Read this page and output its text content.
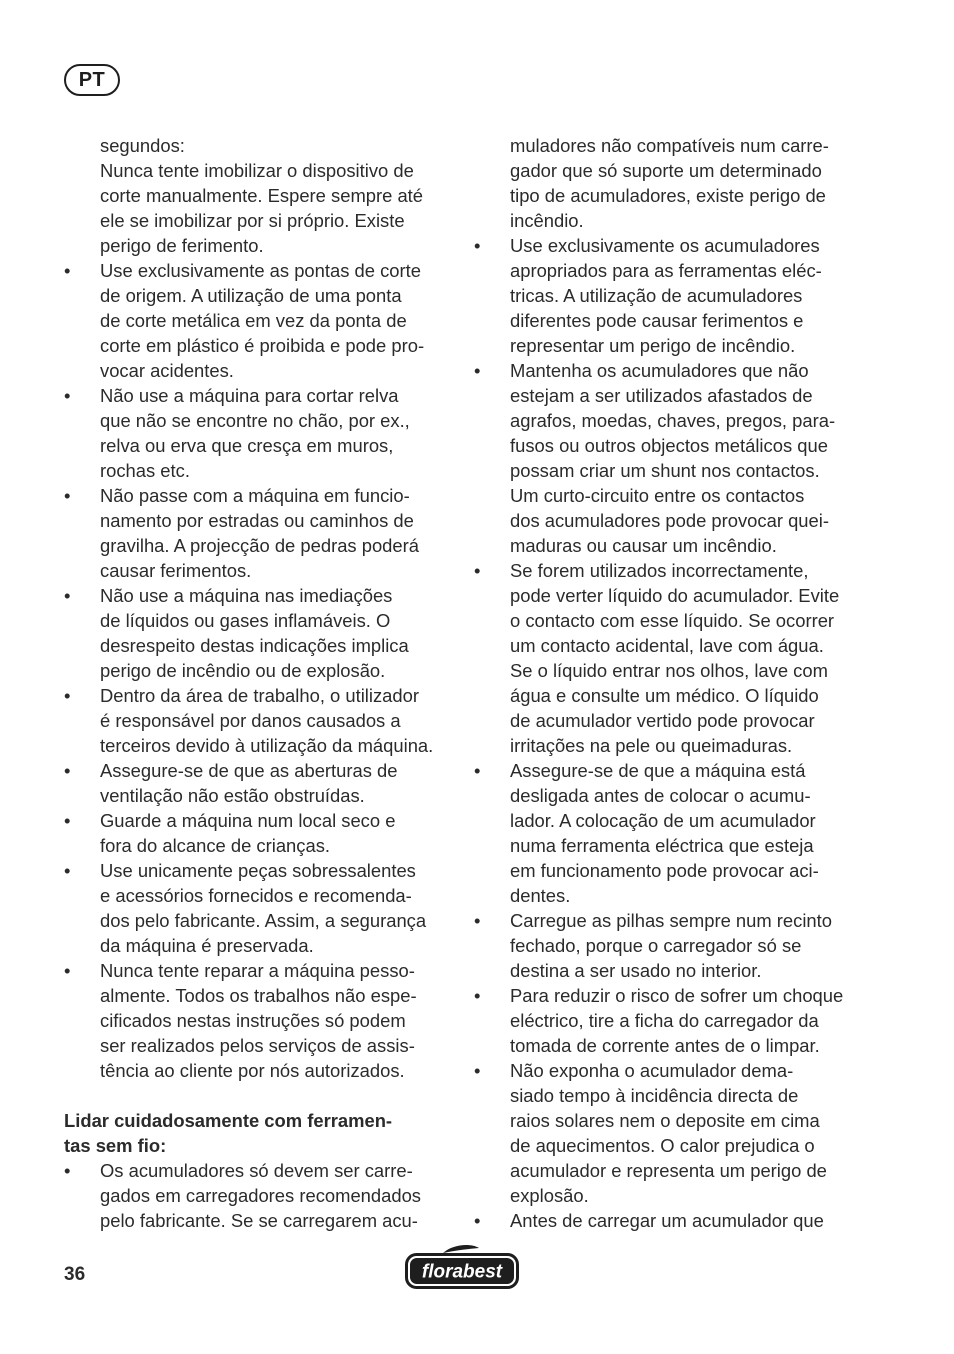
PT
segundos:
Nunca tente imobilizar o dispositivo de
corte manualmente. Espere sempre até
ele se imobilizar por si próprio. Existe
perigo de ferimento.
•	Use exclusivamente as pontas de corte
de origem. A utilização de uma ponta
de corte metálica em vez da ponta de
corte em plástico é proibida e pode pro-
vocar acidentes.
•	Não use a máquina para cortar relva
que não se encontre no chão, por ex.,
relva ou erva que cresça em muros,
rochas etc.
•	Não passe com a máquina em funcio-
namento por estradas ou caminhos de
gravilha. A projecção de pedras poderá
causar ferimentos.
•	Não use a máquina nas imediações
de líquidos ou gases inflamáveis. O
desrespeito destas indicações implica
perigo de incêndio ou de explosão.
•	Dentro da área de trabalho, o utilizador
é responsável por danos causados a
terceiros devido à utilização da máquina.
•	Assegure-se de que as aberturas de
ventilação não estão obstruídas.
•	Guarde a máquina num local seco e
fora do alcance de crianças.
•	Use unicamente peças sobressalentes
e acessórios fornecidos e recomenda-
dos pelo fabricante. Assim, a segurança
da máquina é preservada.
•	Nunca tente reparar a máquina pesso-
almente. Todos os trabalhos não espe-
cificados nestas instruções só podem
ser realizados pelos serviços de assis-
tência ao cliente por nós autorizados.
Lidar cuidadosamente com ferramen-
tas sem fio:
•	Os acumuladores só devem ser carre-
gados em carregadores recomendados
pelo fabricante. Se se carregarem acu-
muladores não compatíveis num carre-
gador que só suporte um determinado
tipo de acumuladores, existe perigo de
incêndio.
•	Use exclusivamente os acumuladores
apropriados para as ferramentas eléc-
tricas. A utilização de acumuladores
diferentes pode causar ferimentos e
representar um perigo de incêndio.
•	Mantenha os acumuladores que não
estejam a ser utilizados afastados de
agrafos, moedas, chaves, pregos, para-
fusos ou outros objectos metálicos que
possam criar um shunt nos contactos.
Um curto-circuito entre os contactos
dos acumuladores pode provocar quei-
maduras ou causar um incêndio.
•	Se forem utilizados incorrectamente,
pode verter líquido do acumulador. Evite
o contacto com esse líquido. Se ocorrer
um contacto acidental, lave com água.
Se o líquido entrar nos olhos, lave com
água e consulte um médico. O líquido
de acumulador vertido pode provocar
irritações na pele ou queimaduras.
•	Assegure-se de que a máquina está
desligada antes de colocar o acumu-
lador. A colocação de um acumulador
numa ferramenta eléctrica que esteja
em funcionamento pode provocar aci-
dentes.
•	Carregue as pilhas sempre num recinto
fechado, porque o carregador só se
destina a ser usado no interior.
•	Para reduzir o risco de sofrer um choque
eléctrico, tire a ficha do carregador da
tomada de corrente antes de o limpar.
•	Não exponha o acumulador dema-
siado tempo à incidência directa de
raios solares nem o deposite em cima
de aquecimentos. O calor prejudica o
acumulador e representa um perigo de
explosão.
•	Antes de carregar um acumulador que
36	florabest
